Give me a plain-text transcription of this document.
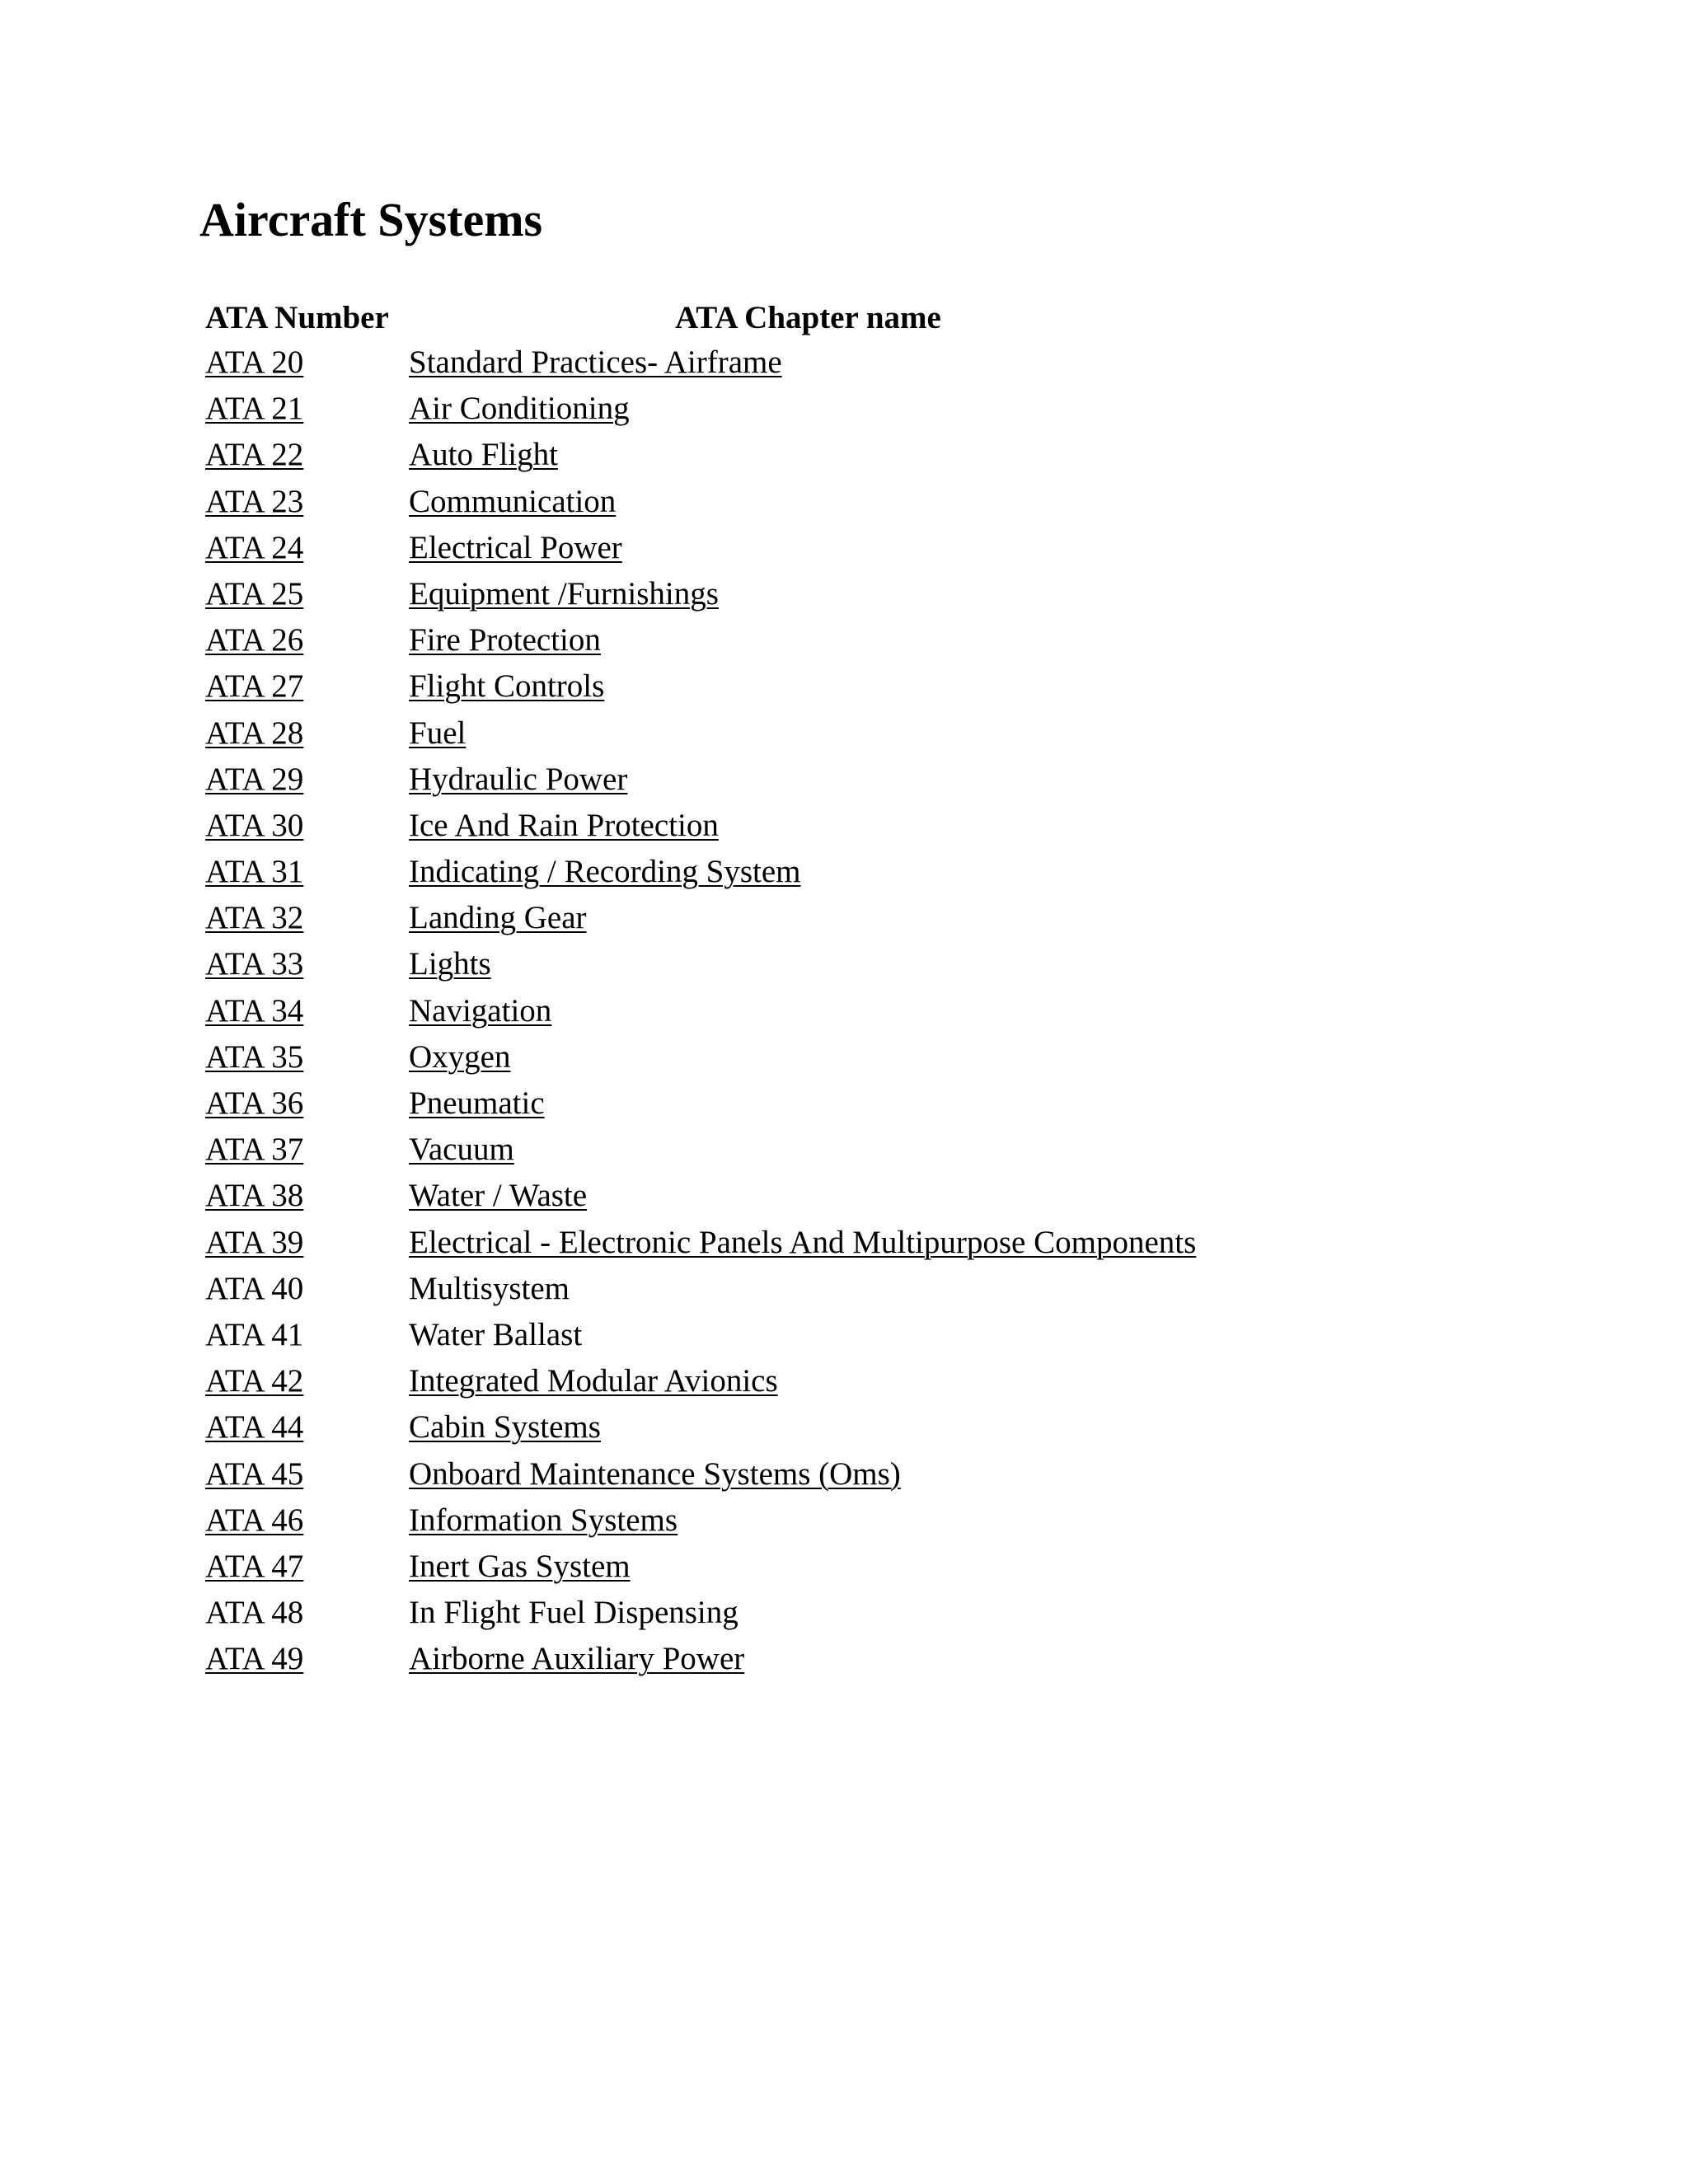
Aircraft Systems
ATA Number	ATA Chapter name
ATA 20	Standard Practices- Airframe
ATA 21	Air Conditioning
ATA 22	Auto Flight
ATA 23	Communication
ATA 24	Electrical Power
ATA 25	Equipment /Furnishings
ATA 26	Fire Protection
ATA 27	Flight Controls
ATA 28	Fuel
ATA 29	Hydraulic Power
ATA 30	Ice And Rain Protection
ATA 31	Indicating / Recording System
ATA 32	Landing Gear
ATA 33	Lights
ATA 34	Navigation
ATA 35	Oxygen
ATA 36	Pneumatic
ATA 37	Vacuum
ATA 38	Water / Waste
ATA 39	Electrical - Electronic Panels And Multipurpose Components
ATA 40	Multisystem
ATA 41	Water Ballast
ATA 42	Integrated Modular Avionics
ATA 44	Cabin Systems
ATA 45	Onboard Maintenance Systems (Oms)
ATA 46	Information Systems
ATA 47	Inert Gas System
ATA 48	In Flight Fuel Dispensing
ATA 49	Airborne Auxiliary Power
